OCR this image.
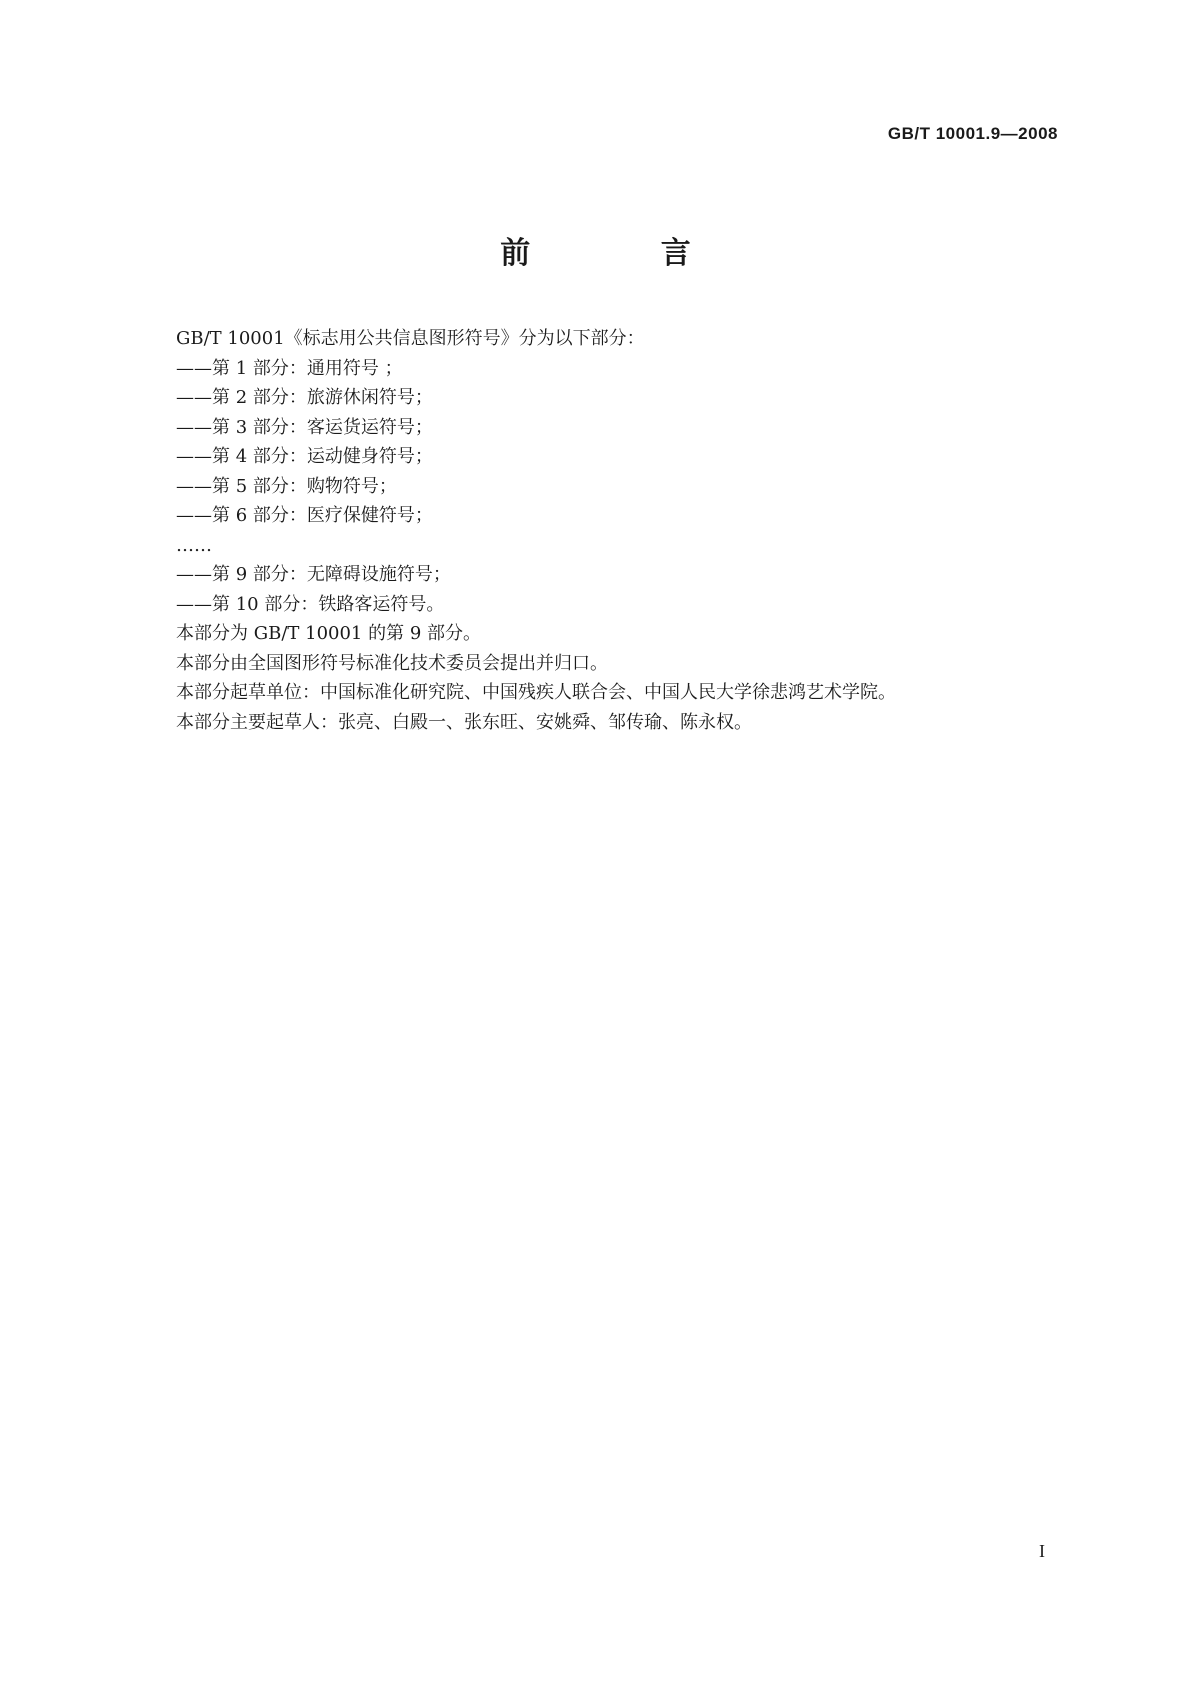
GB/T 10001.9—2008
前 言
GB/T 10001《标志用公共信息图形符号》分为以下部分：
——第 1 部分：通用符号 ；
——第 2 部分：旅游休闲符号；
——第 3 部分：客运货运符号；
——第 4 部分：运动健身符号；
——第 5 部分：购物符号；
——第 6 部分：医疗保健符号；
……
——第 9 部分：无障碍设施符号；
——第 10 部分：铁路客运符号。
本部分为 GB/T 10001 的第 9 部分。
本部分由全国图形符号标准化技术委员会提出并归口。
本部分起草单位：中国标准化研究院、中国残疾人联合会、中国人民大学徐悲鸿艺术学院。
本部分主要起草人：张亮、白殿一、张东旺、安姚舜、邹传瑜、陈永权。
I
